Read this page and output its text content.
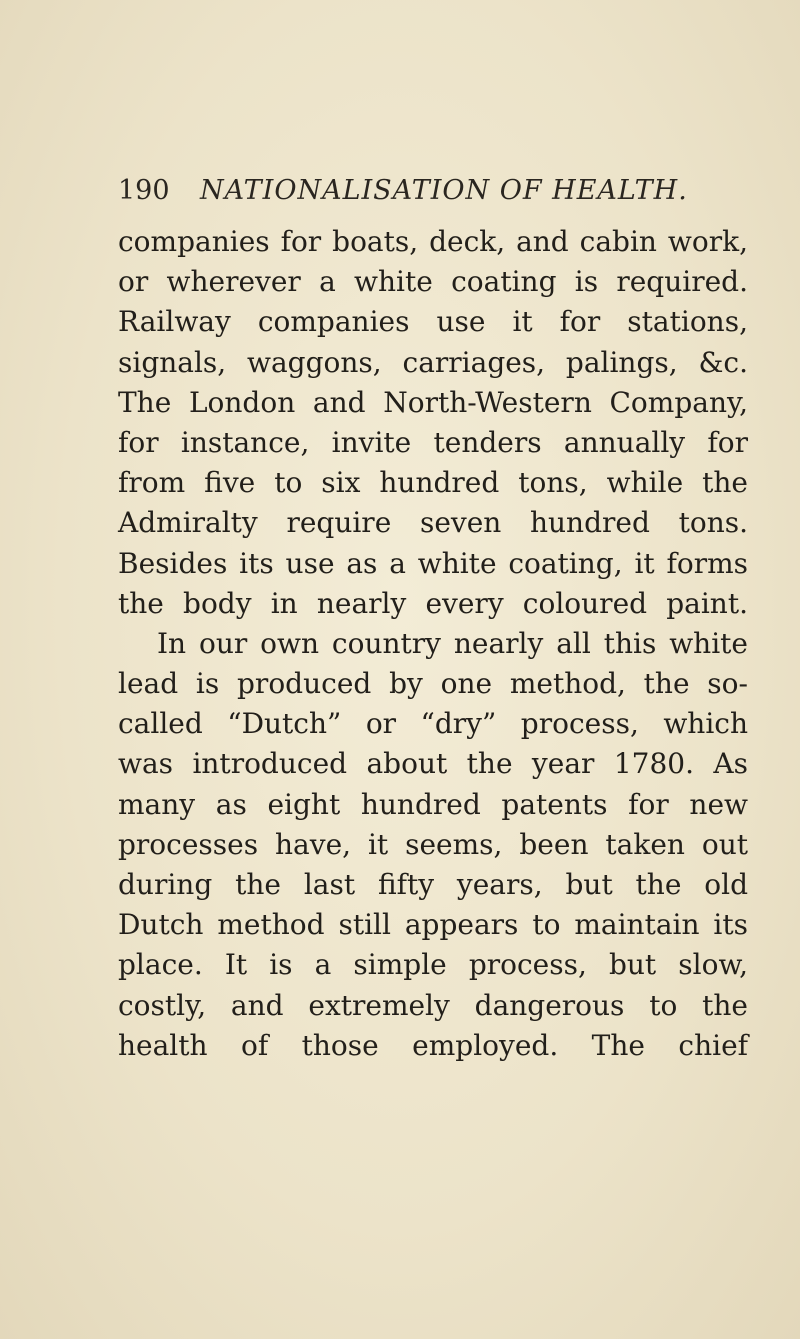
190 NATIONALISATION OF HEALTH.
companies for boats, deck, and cabin work,
or wherever a white coating is required.
Railway companies use it for stations,
signals, waggons, carriages, palings, &c.
The London and North-Western Company,
for instance, invite tenders annually for
from five to six hundred tons, while the
Admiralty require seven hundred tons.
Besides its use as a white coating, it forms
the body in nearly every coloured paint.
In our own country nearly all this white
lead is produced by one method, the so-
called “Dutch” or “dry” process, which
was introduced about the year 1780. As
many as eight hundred patents for new
processes have, it seems, been taken out
during the last fifty years, but the old
Dutch method still appears to maintain its
place. It is a simple process, but slow,
costly, and extremely dangerous to the
health of those employed. The chief
